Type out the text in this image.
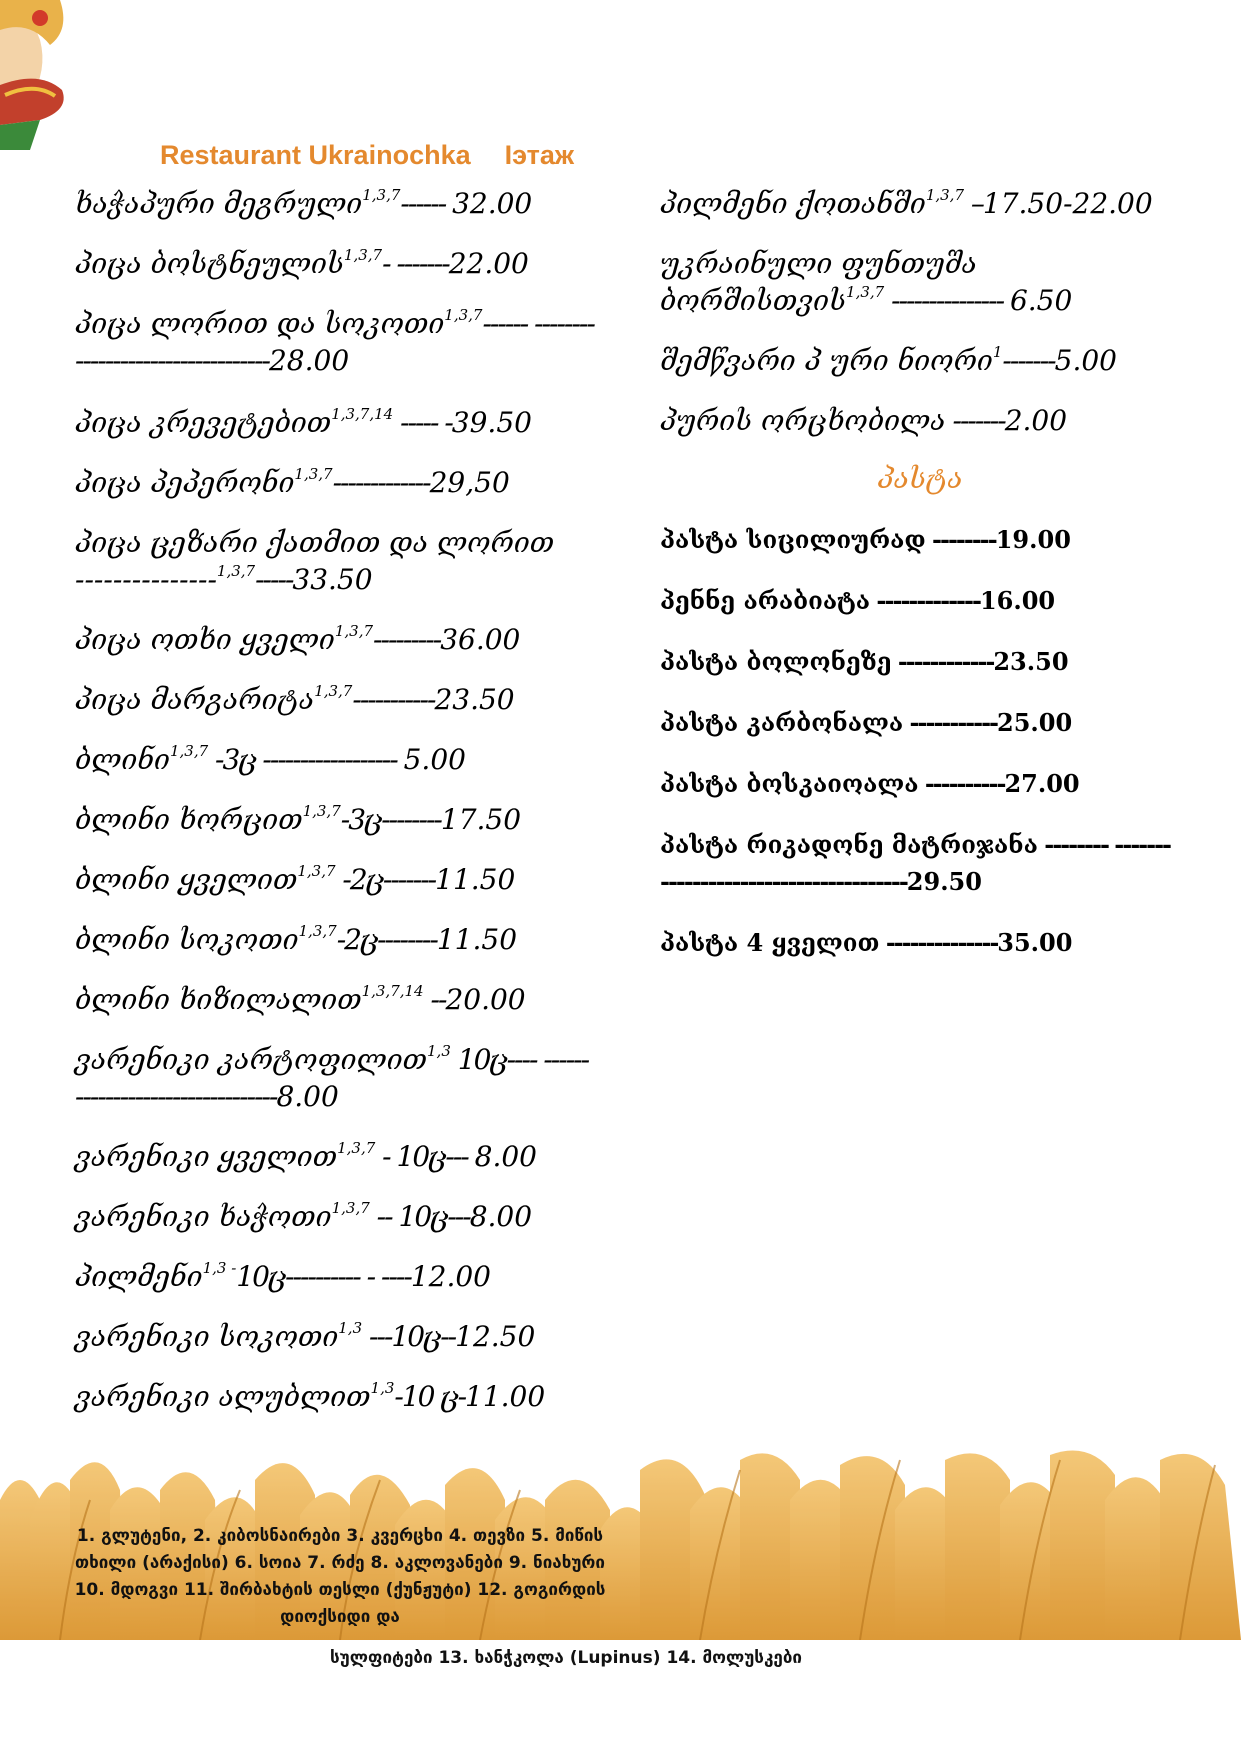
Restaurant Ukrainochka Iэтаж
ხაჭაპური მეგრული$^{1,3,7}$------ 32.00
პიცა ბოსტნეულის$^{1,3,7}$- -------22.00
პიცა ლორით და სოკოთი$^{1,3,7}$------ ----------------------------------28.00
პიცა კრევეტებით$^{1,3,7,14}$ ----- -39.50
პიცა პეპერონი$^{1,3,7}$-------------29,50
პიცა ცეზარი ქათმით და ლორით ---------------$^{1,3,7}$-----33.50
პიცა ოთხი ყველი$^{1,3,7}$---------36.00
პიცა მარგარიტა$^{1,3,7}$-----------23.50
ბლინი$^{1,3,7}$ -3ც ------------------ 5.00
ბლინი ხორცით$^{1,3,7}$-3ც--------17.50
ბლინი ყველით$^{1,3,7}$ -2ც-------11.50
ბლინი სოკოთი$^{1,3,7}$-2ც--------11.50
ბლინი ხიზილალით$^{1,3,7,14}$ --20.00
ვარენიკი კარტოფილით$^{1,3}$ 10ც---- ---------------------------------8.00
ვარენიკი ყველით$^{1,3,7}$ - 10ც--- 8.00
ვარენიკი ხაჭოთი$^{1,3,7}$ -- 10ც---8.00
პილმენი$^{1,3 -}$10ც---------- - ----12.00
ვარენიკი სოკოთი$^{1,3}$ ---10ც--12.50
ვარენიკი ალუბლით$^{1,3}$-10 ც-11.00
პილმენი ქოთანში$^{1,3,7}$ –17.50-22.00
უკრაინული ფუნთუშა ბორშისთვის$^{1,3,7}$ --------------- 6.50
შემწვარი პ ური ნიორი$^1$-------5.00
პურის ორცხობილა -------2.00
პასტა
პასტა სიცილიურად --------19.00
პენნე არაბიატა -------------16.00
პასტა ბოლონეზე ------------23.50
პასტა კარბონალა -----------25.00
პასტა ბოსკაიოალა ----------27.00
პასტა რიკადონე მატრიჯანა -------- --------------------------------------29.50
პასტა 4 ყველით --------------35.00
1. გლუტენი, 2. კიბოსნაირები 3. კვერცხი 4. თევზი 5. მიწის თხილი (არაქისი) 6. სოია 7. რძე 8. აკლოვანები 9. ნიახური 10. მდოგვი 11. შირბახტის თესლი (ქუნჟუტი) 12. გოგირდის დიოქსიდი და
სულფიტები 13. ხანჭკოლა (Lupinus) 14. მოლუსკები
